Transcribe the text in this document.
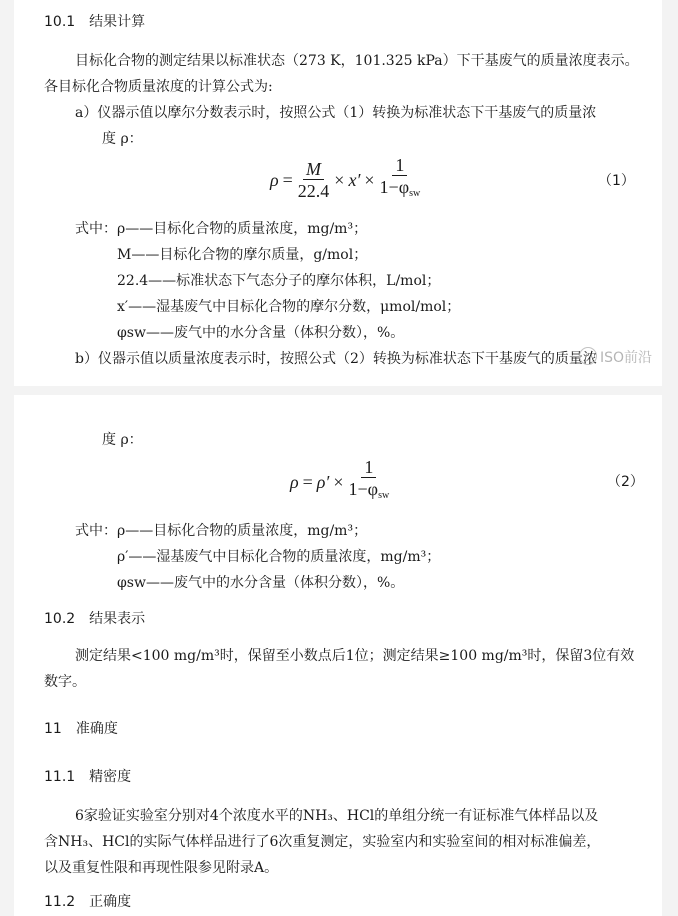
10.1 结果计算
目标化合物的测定结果以标准状态（273 K，101.325 kPa）下干基废气的质量浓度表示。
各目标化合物质量浓度的计算公式为:
a）仪器示值以摩尔分数表示时，按照公式（1）转换为标准状态下干基废气的质量浓
度 ρ：
$\rho = \frac{M}{22.4} \times x'$ ×
1
$1-\varphi_{sw}$
（1）
式中： ρ——目标化合物的质量浓度，mg/m³；
M——目标化合物的摩尔质量，g/mol；
22.4——标准状态下气态分子的摩尔体积，L/mol；
x′——湿基废气中目标化合物的摩尔分数，μmol/mol；
φsw——废气中的水分含量（体积分数），%。
b）仪器示值以质量浓度表示时，按照公式（2）转换为标准状态下干基废气的质量浓 ISO前沿
度 ρ：
ρ = ρ′ ×
1
$1-\varphi_{sw}$
（2）
式中： ρ——目标化合物的质量浓度，mg/m³；
ρ′——湿基废气中目标化合物的质量浓度，mg/m³；
φsw——废气中的水分含量（体积分数），%。
10.2 结果表示
测定结果<100 mg/m³时，保留至小数点后1位；测定结果≥100 mg/m³时，保留3位有效
数字。
11 准确度
11.1 精密度
6家验证实验室分别对4个浓度水平的NH₃、HCl的单组分统一有证标准气体样品以及
含NH₃、HCl的实际气体样品进行了6次重复测定，实验室内和实验室间的相对标准偏差，
以及重复性限和再现性限参见附录A。
11.2 正确度
